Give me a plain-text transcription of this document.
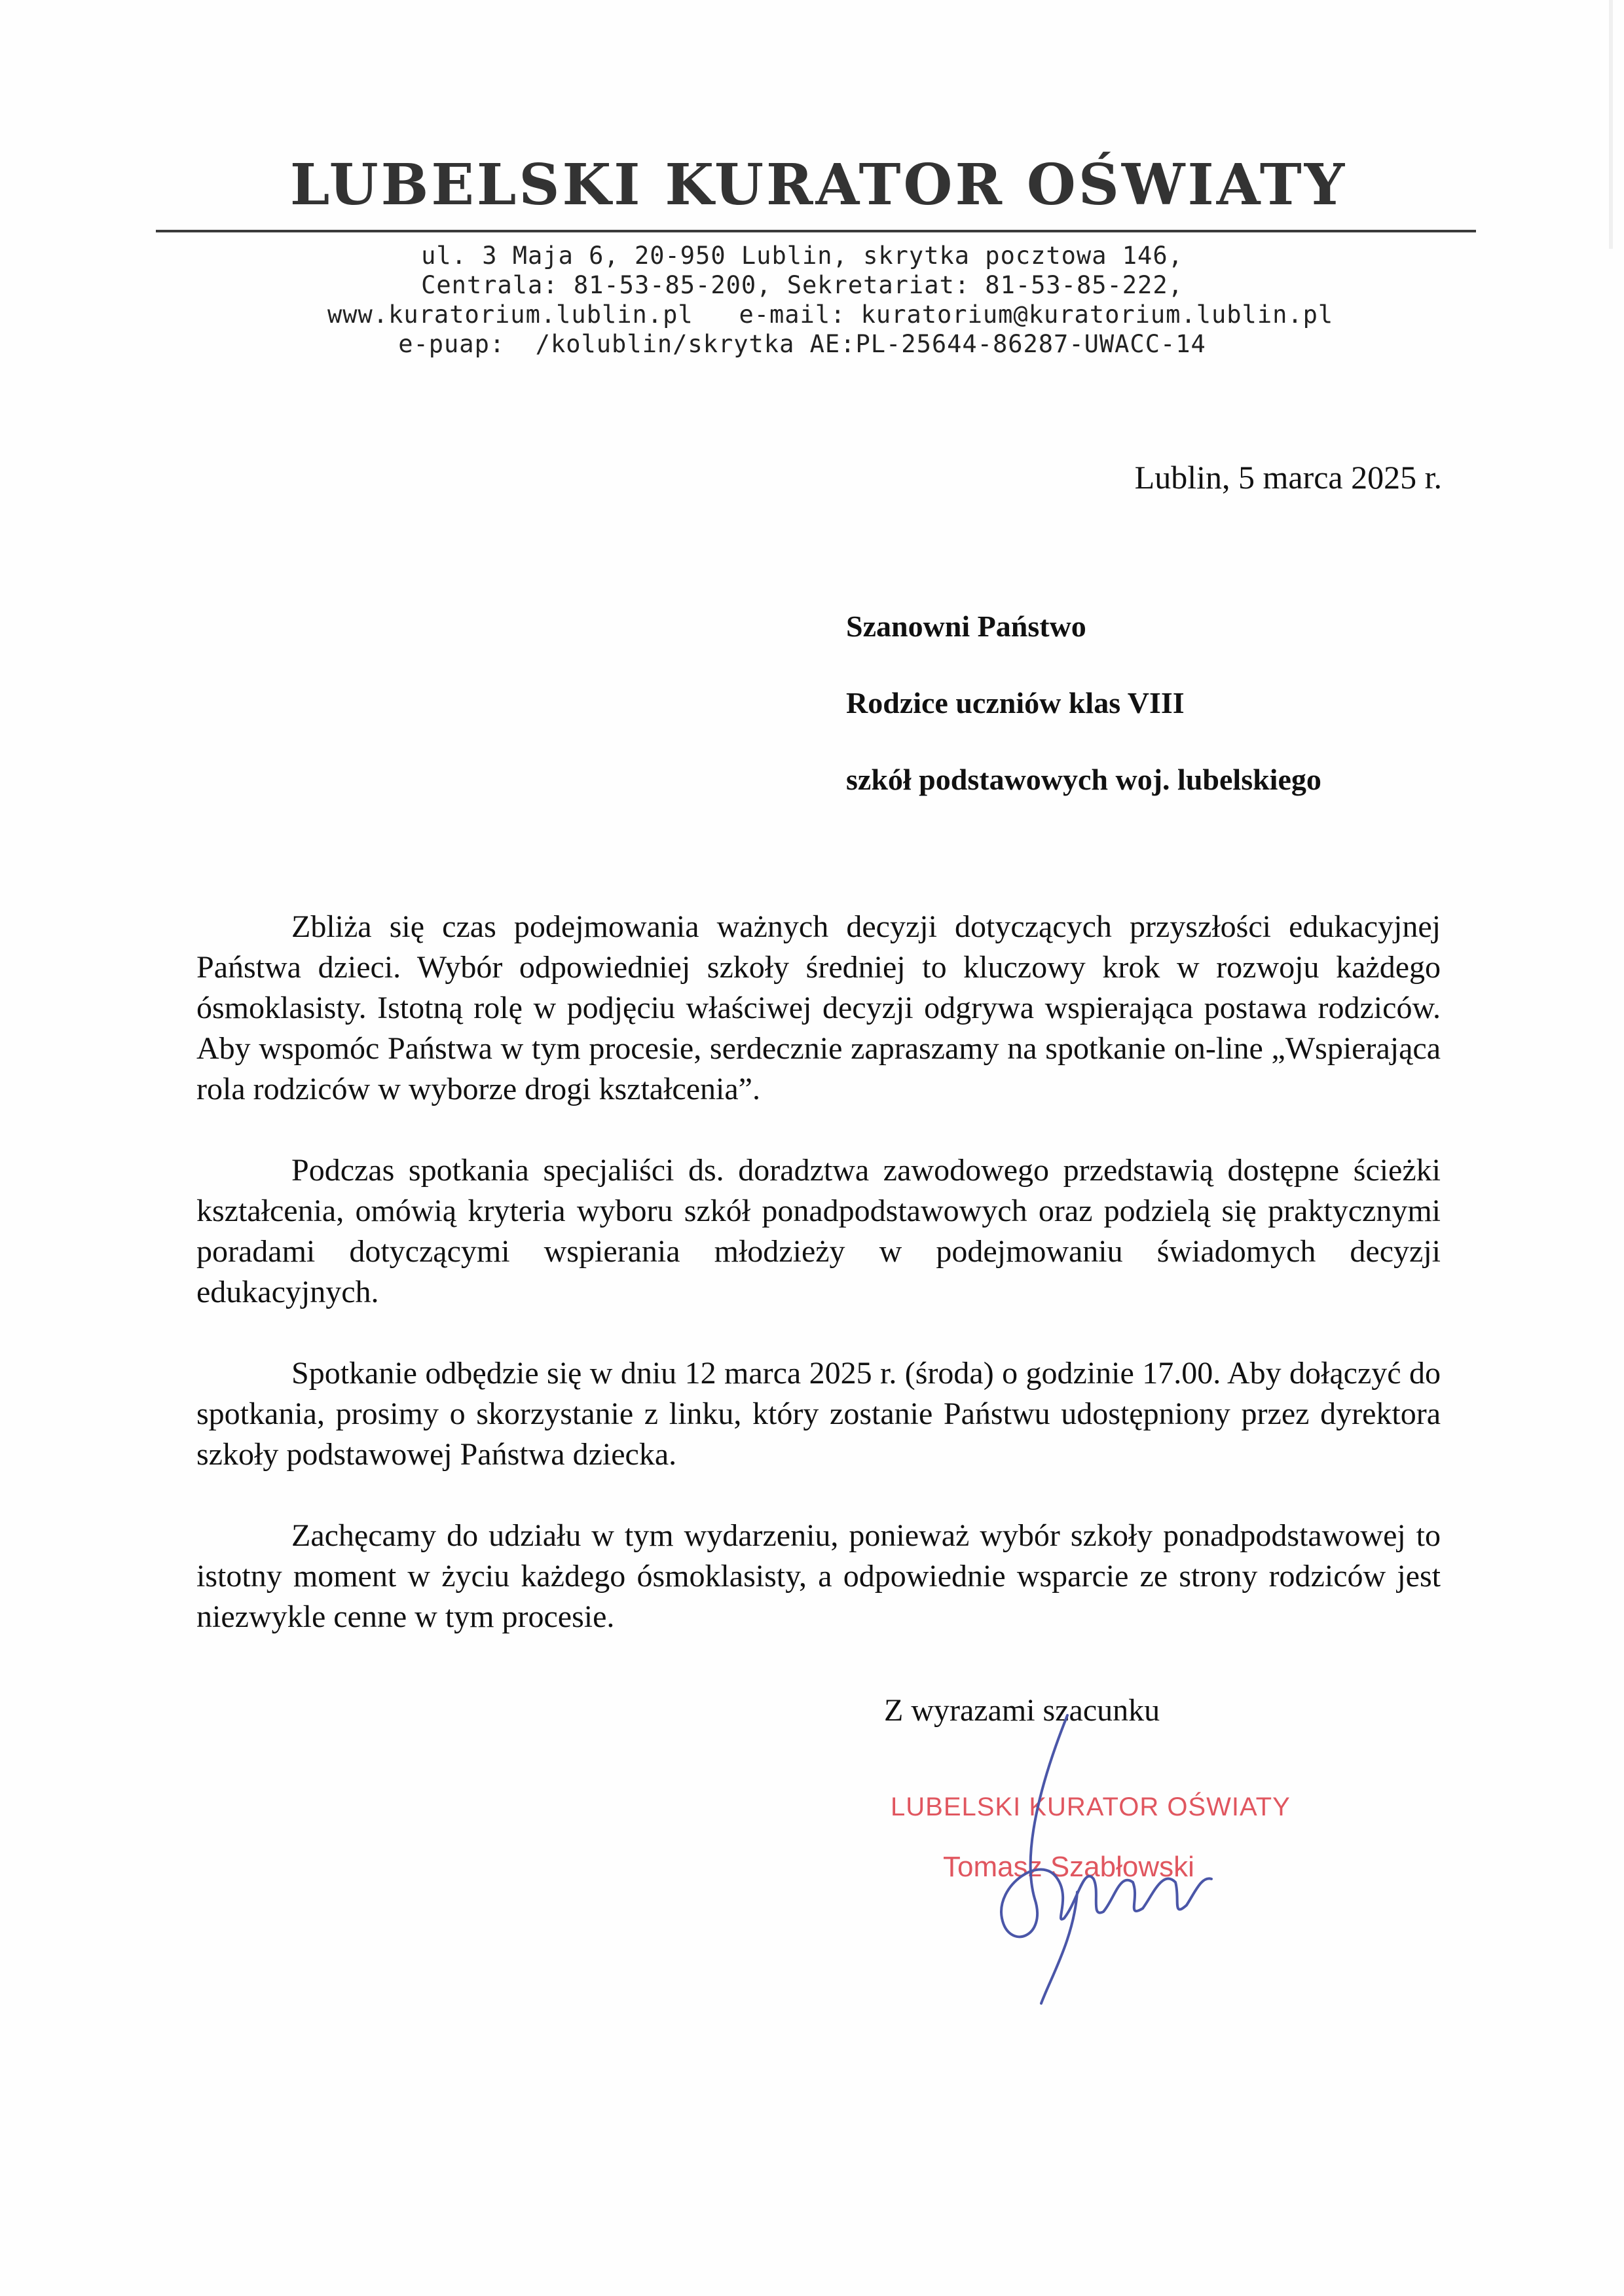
LUBELSKI KURATOR OŚWIATY
ul. 3 Maja 6, 20-950 Lublin, skrytka pocztowa 146,
Centrala: 81-53-85-200, Sekretariat: 81-53-85-222,
www.kuratorium.lublin.pl   e-mail: kuratorium@kuratorium.lublin.pl
e-puap:  /kolublin/skrytka AE:PL-25644-86287-UWACC-14
Lublin, 5 marca 2025 r.
Szanowni Państwo
Rodzice uczniów klas VIII
szkół podstawowych woj. lubelskiego

Zbliża się czas podejmowania ważnych decyzji dotyczących przyszłości edukacyjnej Państwa dzieci. Wybór odpowiedniej szkoły średniej to kluczowy krok w rozwoju każdego ósmoklasisty. Istotną rolę w podjęciu właściwej decyzji odgrywa wspierająca postawa rodziców. Aby wspomóc Państwa w tym procesie, serdecznie zapraszamy na spotkanie on-line „Wspierająca rola rodziców w wyborze drogi kształcenia”.

Podczas spotkania specjaliści ds. doradztwa zawodowego przedstawią dostępne ścieżki kształcenia, omówią kryteria wyboru szkół ponadpodstawowych oraz podzielą się praktycznymi poradami dotyczącymi wspierania młodzieży w podejmowaniu świadomych decyzji edukacyjnych.

Spotkanie odbędzie się w dniu 12 marca 2025 r. (środa) o godzinie 17.00. Aby dołączyć do spotkania, prosimy o skorzystanie z linku, który zostanie Państwu udostępniony przez dyrektora szkoły podstawowej Państwa dziecka.

Zachęcamy do udziału w tym wydarzeniu, ponieważ wybór szkoły ponadpodstawowej to istotny moment w życiu każdego ósmoklasisty, a odpowiednie wsparcie ze strony rodziców jest niezwykle cenne w tym procesie.

Z wyrazami szacunku
LUBELSKI KURATOR OŚWIATY
Tomasz Szabłowski
